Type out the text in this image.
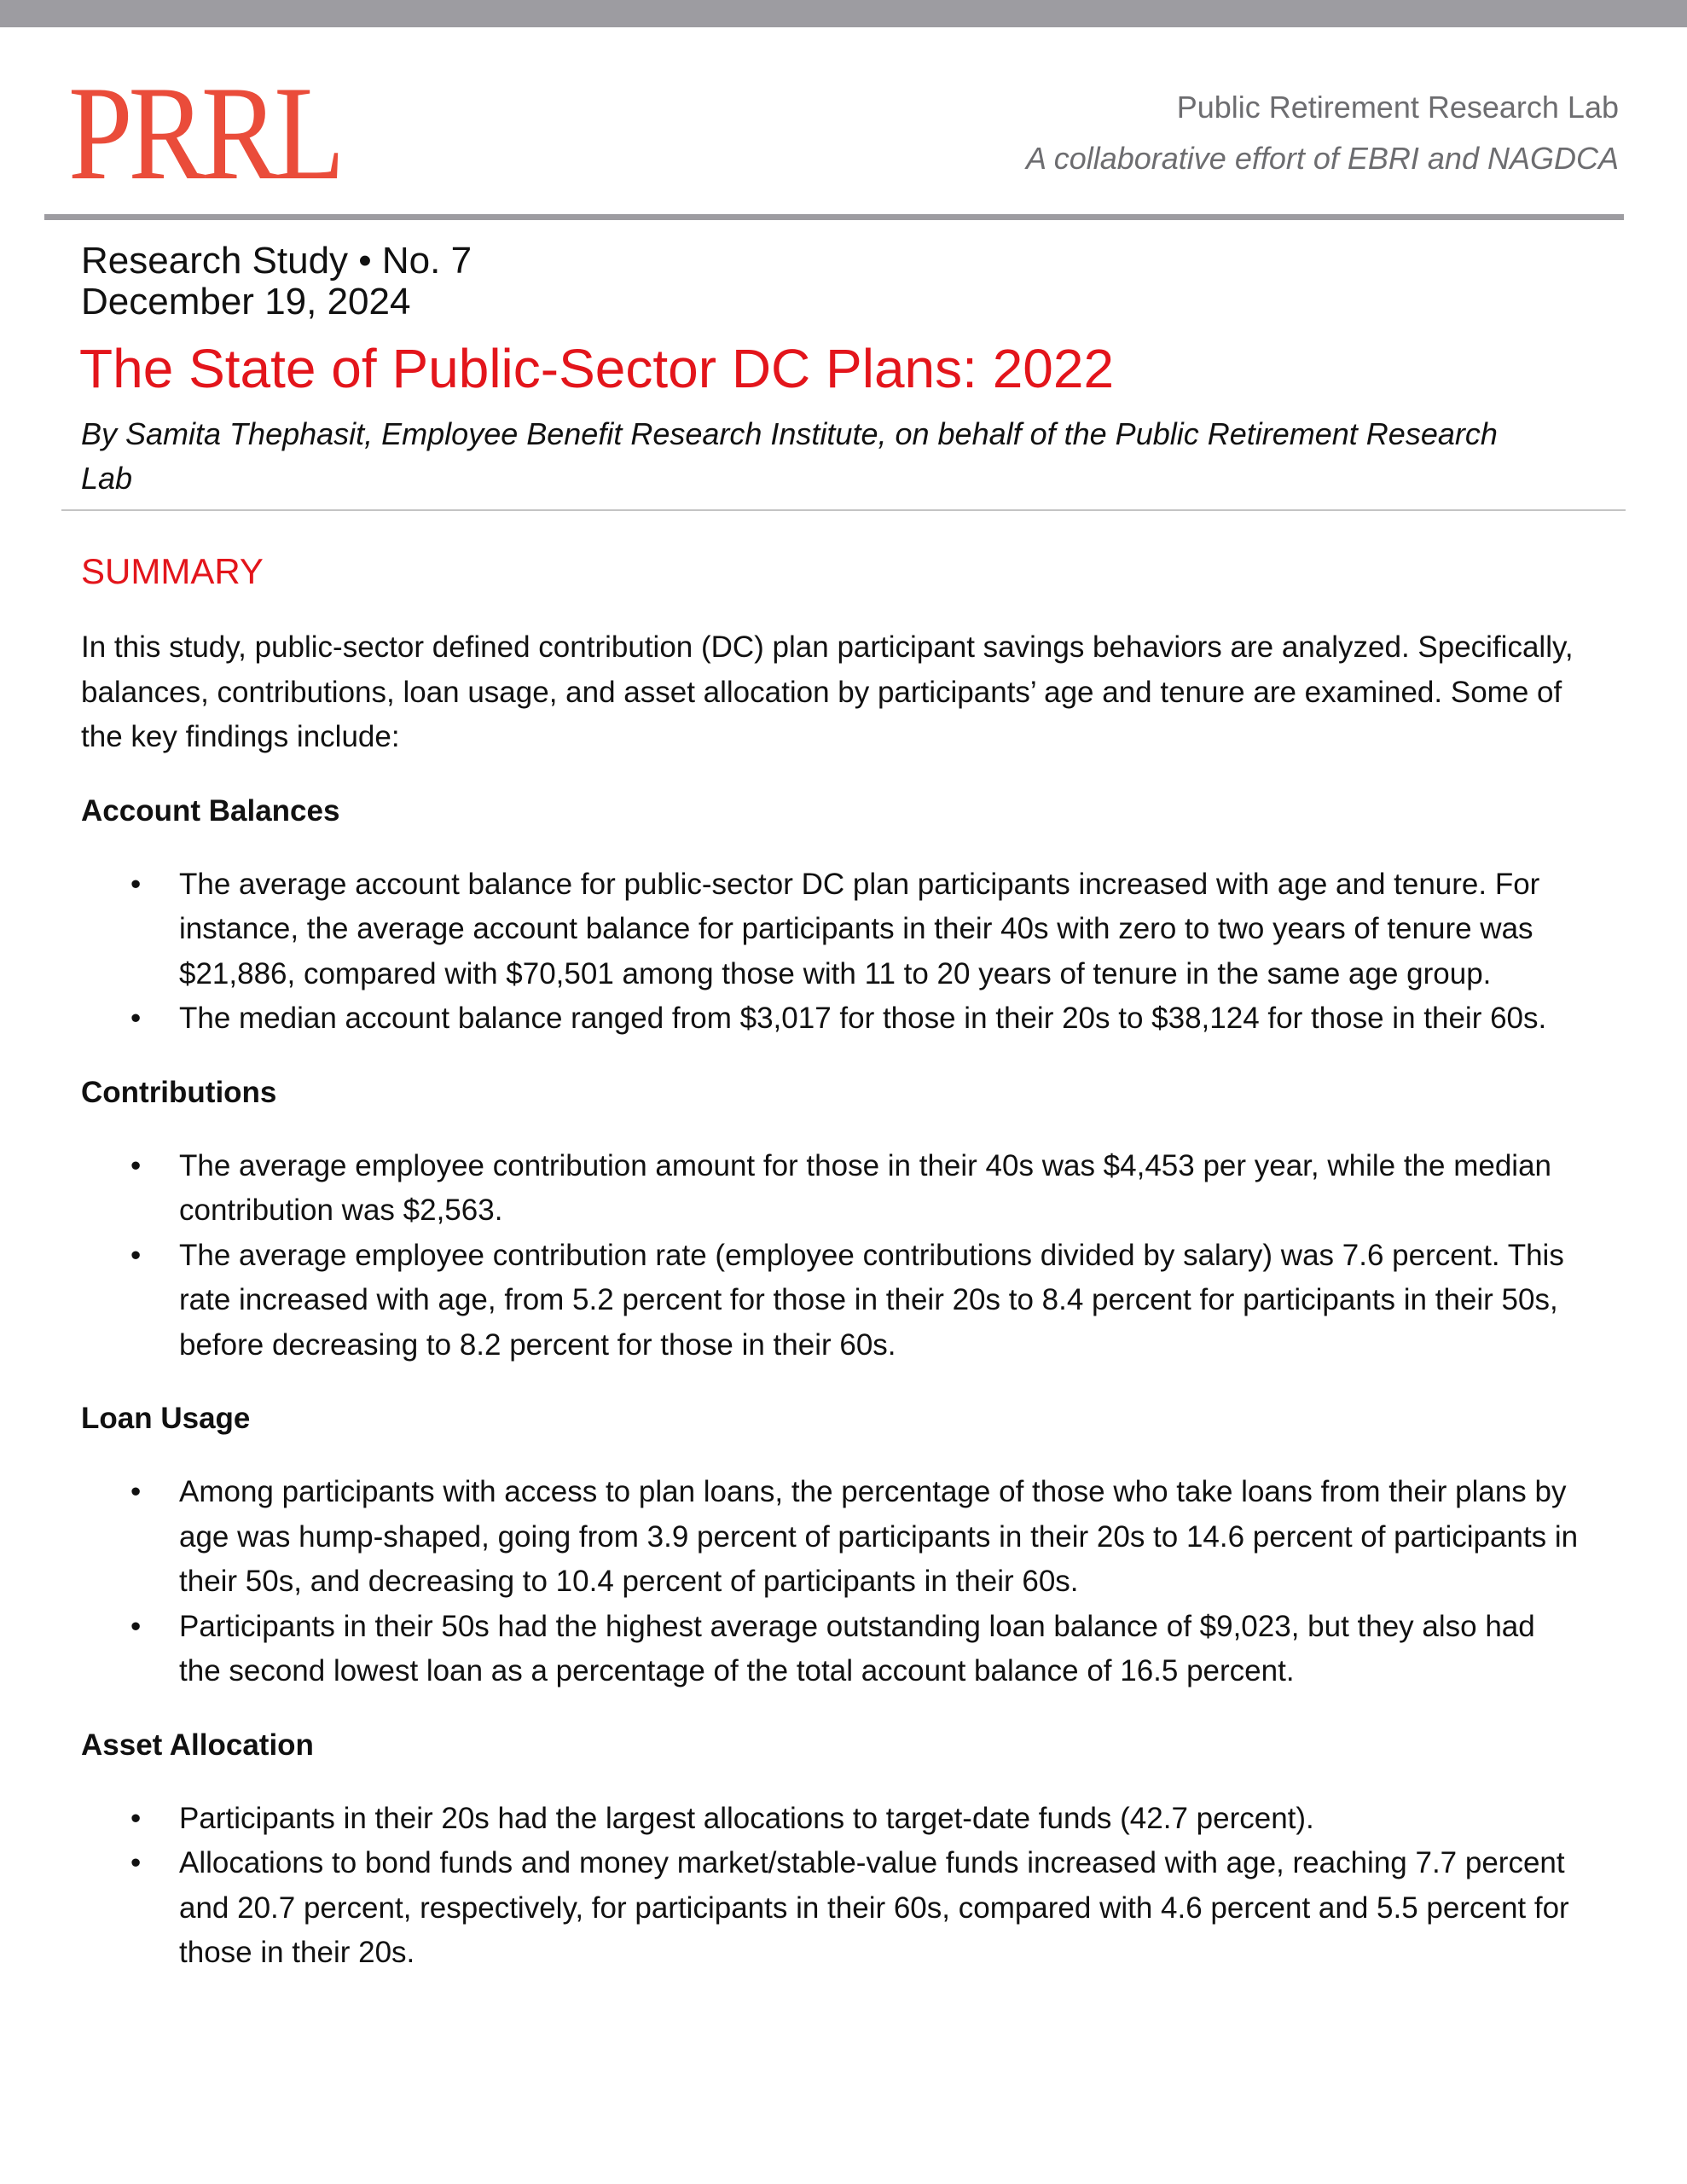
PRRL	Public Retirement Research Lab
A collaborative effort of EBRI and NAGDCA
Research Study • No. 7
December 19, 2024
The State of Public-Sector DC Plans: 2022
By Samita Thephasit, Employee Benefit Research Institute, on behalf of the Public Retirement Research Lab
SUMMARY

In this study, public-sector defined contribution (DC) plan participant savings behaviors are analyzed. Specifically, balances, contributions, loan usage, and asset allocation by participants’ age and tenure are examined. Some of the key findings include:

Account Balances
• The average account balance for public-sector DC plan participants increased with age and tenure. For instance, the average account balance for participants in their 40s with zero to two years of tenure was $21,886, compared with $70,501 among those with 11 to 20 years of tenure in the same age group.
• The median account balance ranged from $3,017 for those in their 20s to $38,124 for those in their 60s.
Contributions
• The average employee contribution amount for those in their 40s was $4,453 per year, while the median contribution was $2,563.
• The average employee contribution rate (employee contributions divided by salary) was 7.6 percent. This rate increased with age, from 5.2 percent for those in their 20s to 8.4 percent for participants in their 50s, before decreasing to 8.2 percent for those in their 60s.
Loan Usage
• Among participants with access to plan loans, the percentage of those who take loans from their plans by age was hump-shaped, going from 3.9 percent of participants in their 20s to 14.6 percent of participants in their 50s, and decreasing to 10.4 percent of participants in their 60s.
• Participants in their 50s had the highest average outstanding loan balance of $9,023, but they also had the second lowest loan as a percentage of the total account balance of 16.5 percent.
Asset Allocation
• Participants in their 20s had the largest allocations to target-date funds (42.7 percent).
• Allocations to bond funds and money market/stable-value funds increased with age, reaching 7.7 percent and 20.7 percent, respectively, for participants in their 60s, compared with 4.6 percent and 5.5 percent for those in their 20s.
